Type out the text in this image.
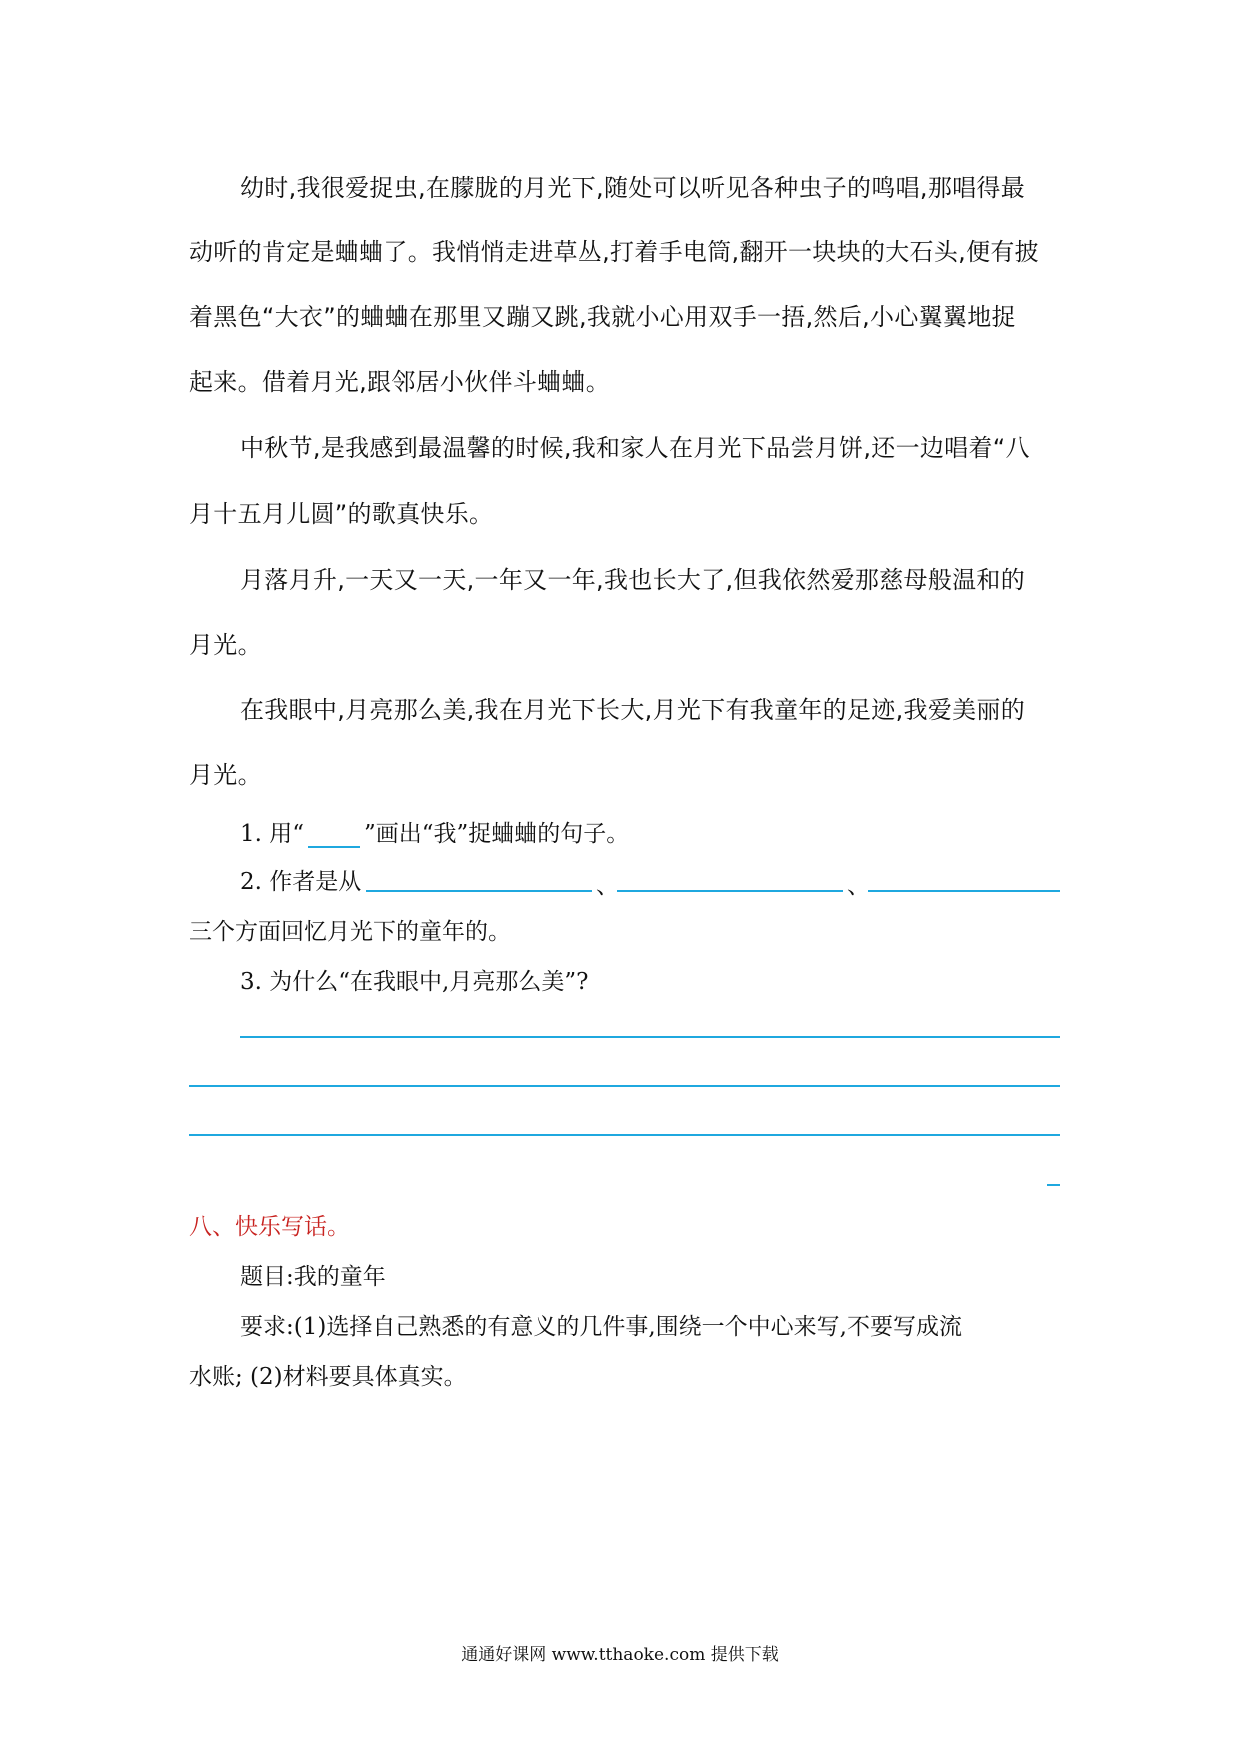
幼时,我很爱捉虫,在朦胧的月光下,随处可以听见各种虫子的鸣唱,那唱得最
动听的肯定是蛐蛐了。我悄悄走进草丛,打着手电筒,翻开一块块的大石头,便有披
着黑色“大衣”的蛐蛐在那里又蹦又跳,我就小心用双手一捂,然后,小心翼翼地捉
起来。借着月光,跟邻居小伙伴斗蛐蛐。
中秋节,是我感到最温馨的时候,我和家人在月光下品尝月饼,还一边唱着“八
月十五月儿圆”的歌真快乐。
月落月升,一天又一天,一年又一年,我也长大了,但我依然爱那慈母般温和的
月光。
在我眼中,月亮那么美,我在月光下长大,月光下有我童年的足迹,我爱美丽的
月光。
1. 用“	”画出“我”捉蛐蛐的句子。
2. 作者是从	、	、
三个方面回忆月光下的童年的。
3. 为什么“在我眼中,月亮那么美”?
八、快乐写话。
题目:我的童年
要求:(1)选择自己熟悉的有意义的几件事,围绕一个中心来写,不要写成流
水账; (2)材料要具体真实。
通通好课网 www.tthaoke.com 提供下载
